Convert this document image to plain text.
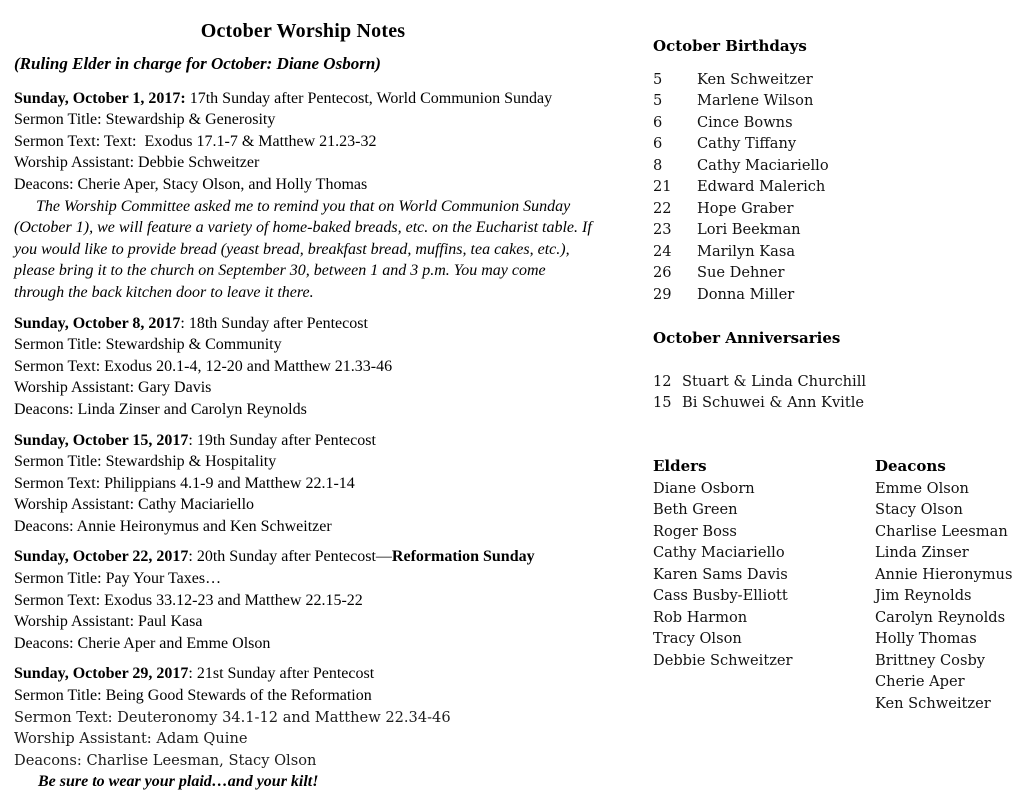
October Worship Notes

(Ruling Elder in charge for October: Diane Osborn)

Sunday, October 1, 2017: 17th Sunday after Pentecost, World Communion Sunday

Sermon Title: Stewardship & Generosity

Sermon Text: Text:  Exodus 17.1-7 & Matthew 21.23-32

Worship Assistant: Debbie Schweitzer

Deacons: Cherie Aper, Stacy Olson, and Holly Thomas

The Worship Committee asked me to remind you that on World Communion Sunday (October 1), we will feature a variety of home-baked breads, etc. on the Eucharist table. If you would like to provide bread (yeast bread, breakfast bread, muffins, tea cakes, etc.), please bring it to the church on September 30, between 1 and 3 p.m. You may come through the back kitchen door to leave it there.

Sunday, October 8, 2017: 18th Sunday after Pentecost

Sermon Title: Stewardship & Community

Sermon Text: Exodus 20.1-4, 12-20 and Matthew 21.33-46

Worship Assistant: Gary Davis

Deacons: Linda Zinser and Carolyn Reynolds

Sunday, October 15, 2017: 19th Sunday after Pentecost

Sermon Title: Stewardship & Hospitality

Sermon Text: Philippians 4.1-9 and Matthew 22.1-14

Worship Assistant: Cathy Maciariello

Deacons: Annie Heironymus and Ken Schweitzer

Sunday, October 22, 2017: 20th Sunday after Pentecost—Reformation Sunday

Sermon Title: Pay Your Taxes…

Sermon Text: Exodus 33.12-23 and Matthew 22.15-22

Worship Assistant: Paul Kasa

Deacons: Cherie Aper and Emme Olson

Sunday, October 29, 2017: 21st Sunday after Pentecost

Sermon Title: Being Good Stewards of the Reformation

Sermon Text: Deuteronomy 34.1-12 and Matthew 22.34-46

Worship Assistant: Adam Quine

Deacons: Charlise Leesman, Stacy Olson

Be sure to wear your plaid…and your kilt!

October Birthdays
5	Ken Schweitzer
5	Marlene Wilson
6	Cince Bowns
6	Cathy Tiffany
8	Cathy Maciariello
21	Edward Malerich
22	Hope Graber
23	Lori Beekman
24	Marilyn Kasa
26	Sue Dehner
29	Donna Miller
October Anniversaries
12 Stuart & Linda Churchill
15 Bi Schuwei & Ann Kvitle
Elders

Diane Osborn

Beth Green

Roger Boss

Cathy Maciariello

Karen Sams Davis

Cass Busby-Elliott

Rob Harmon

Tracy Olson

Debbie Schweitzer

Deacons

Emme Olson

Stacy Olson

Charlise Leesman

Linda Zinser

Annie Hieronymus

Jim Reynolds

Carolyn Reynolds

Holly Thomas

Brittney Cosby

Cherie Aper

Ken Schweitzer
